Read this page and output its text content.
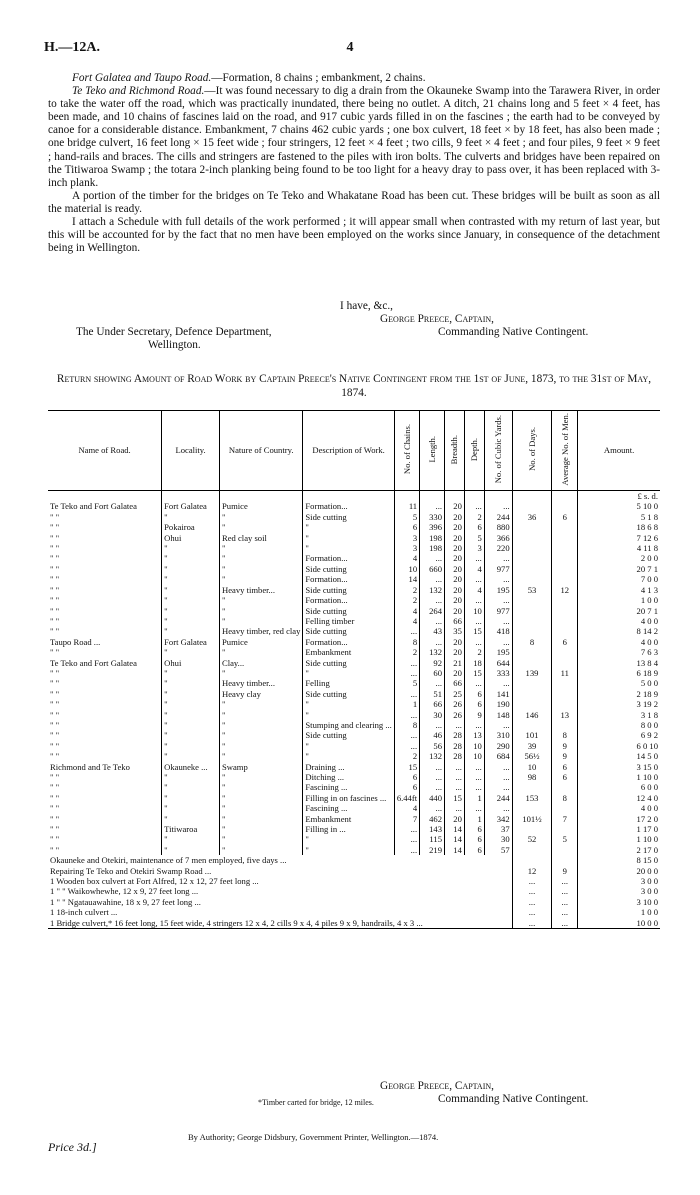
H.—12A.	4

Fort Galatea and Taupo Road.—Formation, 8 chains ; embankment, 2 chains.

Te Teko and Richmond Road.—It was found necessary to dig a drain from the Okauneke Swamp into the Tarawera River, in order to take the water off the road, which was practically inundated, there being no outlet. A ditch, 21 chains long and 5 feet × 4 feet, has been made, and 10 chains of fascines laid on the road, and 917 cubic yards filled in on the fascines ; the earth had to be conveyed by canoe for a considerable distance. Embankment, 7 chains 462 cubic yards ; one box culvert, 18 feet × by 18 feet, has also been made ; one bridge culvert, 16 feet long × 15 feet wide ; four stringers, 12 feet × 4 feet ; two cills, 9 feet × 4 feet ; and four piles, 9 feet × 9 feet ; hand-rails and braces. The cills and stringers are fastened to the piles with iron bolts. The culverts and bridges have been repaired on the Titiwaroa Swamp ; the totara 2-inch planking being found to be too light for a heavy dray to pass over, it has been replaced with 3-inch plank.

A portion of the timber for the bridges on Te Teko and Whakatane Road has been cut. These bridges will be built as soon as all the material is ready.

I attach a Schedule with full details of the work performed ; it will appear small when contrasted with my return of last year, but this will be accounted for by the fact that no men have been employed on the works since January, in consequence of the detachment being in Wellington.

I have, &c.,
George Preece, Captain,
The Under Secretary, Defence Department,	Commanding Native Contingent.
Wellington.
Return showing Amount of Road Work by Captain Preece's Native Contingent from the 1st of June, 1873, to the 31st of May, 1874.
Name of Road.	Locality.	Nature of Country.	Description of Work.	No. of Chains.	Length.	Breadth.	Depth.	No. of Cubic Yards.	No. of Days.	Average No. of Men.	Amount.
											£ s. d.
Te Teko and Fort Galatea	Fort Galatea	Pumice	Formation...	11	...	20	...	...			5 10 0
" "	"	"	Side cutting	5	330	20	2	244	36	6	5 1 8
" "	Pokairoa	"	"	6	396	20	6	880			18 6 8
" "	Ohui	Red clay soil	"	3	198	20	5	366			7 12 6
" "	"	"	"	3	198	20	3	220			4 11 8
" "	"	"	Formation...	4	...	20	...	...			2 0 0
" "	"	"	Side cutting	10	660	20	4	977			20 7 1
" "	"	"	Formation...	14	...	20	...	...			7 0 0
" "	"	Heavy timber...	Side cutting	2	132	20	4	195	53	12	4 1 3
" "	"	"	Formation...	2	...	20	...	...			1 0 0
" "	"	"	Side cutting	4	264	20	10	977			20 7 1
" "	"	"	Felling timber	4	...	66	...	...			4 0 0
" "	"	Heavy timber, red clay	Side cutting	...	43	35	15	418			8 14 2
Taupo Road ...	Fort Galatea	Pumice	Formation...	8	...	20	...	...	8	6	4 0 0
" "	"	"	Embankment	2	132	20	2	195			7 6 3
Te Teko and Fort Galatea	Ohui	Clay...	Side cutting	...	92	21	18	644			13 8 4
" "	"	"	"	...	60	20	15	333	139	11	6 18 9
" "	"	Heavy timber...	Felling	5	...	66	...	...			5 0 0
" "	"	Heavy clay	Side cutting	...	51	25	6	141			2 18 9
" "	"	"	"	1	66	26	6	190			3 19 2
" "	"	"	"	...	30	26	9	148	146	13	3 1 8
" "	"	"	Stumping and clearing ...	8	...	...	...	...			8 0 0
" "	"	"	Side cutting	...	46	28	13	310	101	8	6 9 2
" "	"	"	"	...	56	28	10	290	39	9	6 0 10
" "	"	"	"	2	132	28	10	684	56½	9	14 5 0
Richmond and Te Teko	Okauneke ...	Swamp	Draining ...	15	...	...	...	...	10	6	3 15 0
" "	"	"	Ditching ...	6	...	...	...	...	98	6	1 10 0
" "	"	"	Fascining ...	6	...	...	...	...			6 0 0
" "	"	"	Filling in on fascines ...	6.44ft	440	15	1	244	153	8	12 4 0
" "	"	"	Fascining ...	4	...	...	...	...			4 0 0
" "	"	"	Embankment	7	462	20	1	342	101½	7	17 2 0
" "	Titiwaroa	"	Filling in ...	...	143	14	6	37			1 17 0
" "	"	"	"	...	115	14	6	30	52	5	1 10 0
" "	"	"	"	...	219	14	6	57			2 17 0
Okauneke and Otekiri, maintenance of 7 men employed, five days ...											8 15 0
Repairing Te Teko and Otekiri Swamp Road ...									12	9	20 0 0
1 Wooden box culvert at Fort Alfred, 12 x 12, 27 feet long ...									...	...	3 0 0
1 " " Waikowhewhe, 12 x 9, 27 feet long ...									...	...	3 0 0
1 " " Ngatauawahine, 18 x 9, 27 feet long ...									...	...	3 10 0
1 18-inch culvert ...									...	...	1 0 0
1 Bridge culvert,* 16 feet long, 15 feet wide, 4 stringers 12 x 4, 2 cills 9 x 4, 4 piles 9 x 9, handrails, 4 x 3 ...									...	...	10 0 0
*Timber carted for bridge, 12 miles.
George Preece, Captain,
Commanding Native Contingent.
Price 3d.]
By Authority; George Didsbury, Government Printer, Wellington.—1874.
